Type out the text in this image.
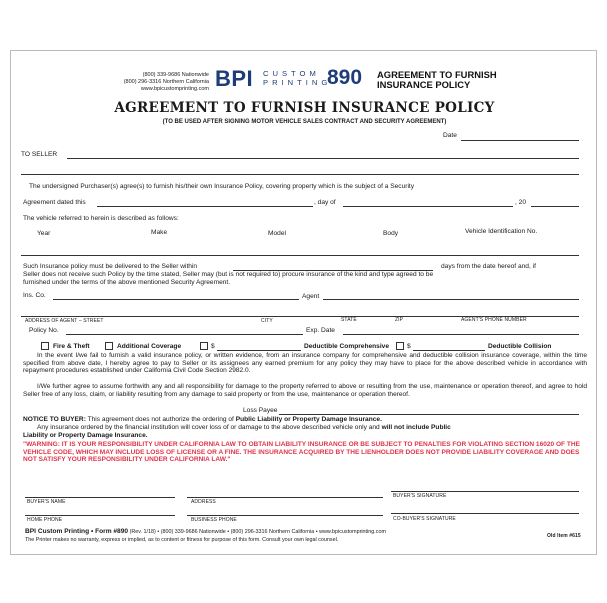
(800) 339-9686 Nationwide
(800) 296-3316 Northern California
www.bpicustomprinting.com BPI CUSTOM
PRINTING
890 AGREEMENT TO FURNISH
INSURANCE POLICY
AGREEMENT TO FURNISH INSURANCE POLICY
(TO BE USED AFTER SIGNING MOTOR VEHICLE SALES CONTRACT AND SECURITY AGREEMENT)
Date
TO SELLER
The undersigned Purchaser(s) agree(s) to furnish his/their own Insurance Policy, covering property which is the subject of a Security
Agreement dated this	, day of	, 20
The vehicle referred to herein is described as follows:
Year	Make	Model	Body	Vehicle Identification No.
Such Insurance policy must be delivered to the Seller within	days from the date hereof and, if
Seller does not receive such Policy by the time stated, Seller may (but is not required to) procure insurance of the kind and type agreed to be
furnished under the terms of the above mentioned Security Agreement.
Ins. Co.	Agent
ADDRESS OF AGENT – STREET	CITY	STATE	ZIP	AGENT'S PHONE NUMBER
Policy No.	Exp. Date
Fire & Theft	Additional Coverage	$	Deductible Comprehensive	$	Deductible Collision
In the event I/we fail to furnish a valid insurance policy, or written evidence, from an insurance company for comprehensive and deductible collision insurance coverage, within the time specified from above date, I hereby agree to pay to Seller or its assignees any earned premium for any policy they may have to place for the above described vehicle in accordance with repayment procedures established under California Civil Code Section 2982.0.
I/We further agree to assume forthwith any and all responsibility for damage to the property referred to above or resulting from the use, maintenance or operation thereof, and agree to hold Seller free of any loss, claim, or liability resulting from any damage to said property or from the use, maintenance or operation thereof.
Loss Payee
NOTICE TO BUYER: This agreement does not authorize the ordering of Public Liability or Property Damage Insurance.
Any insurance ordered by the financial institution will cover loss of or damage to the above described vehicle only and will not include Public
Liability or Property Damage Insurance.
"WARNING: IT IS YOUR RESPONSIBILITY UNDER CALIFORNIA LAW TO OBTAIN LIABILITY INSURANCE OR BE SUBJECT TO PENALTIES FOR VIOLATING SECTION 16020 OF THE VEHICLE CODE, WHICH MAY INCLUDE LOSS OF LICENSE OR A FINE. THE INSURANCE ACQUIRED BY THE LIENHOLDER DOES NOT PROVIDE LIABILITY COVERAGE AND DOES NOT SATISFY YOUR RESPONSIBILITY UNDER CALIFORNIA LAW."
BUYER'S NAME	ADDRESS
BUYER'S SIGNATURE
HOME PHONE	BUSINESS PHONE	CO-BUYER'S SIGNATURE
BPI Custom Printing • Form #890 (Rev. 1/18) • (800) 339-9686 Nationwide • (800) 296-3316 Northern California • www.bpicustomprinting.com
The Printer makes no warranty, express or implied, as to content or fitness for purpose of this form. Consult your own legal counsel.
Old Item #615
